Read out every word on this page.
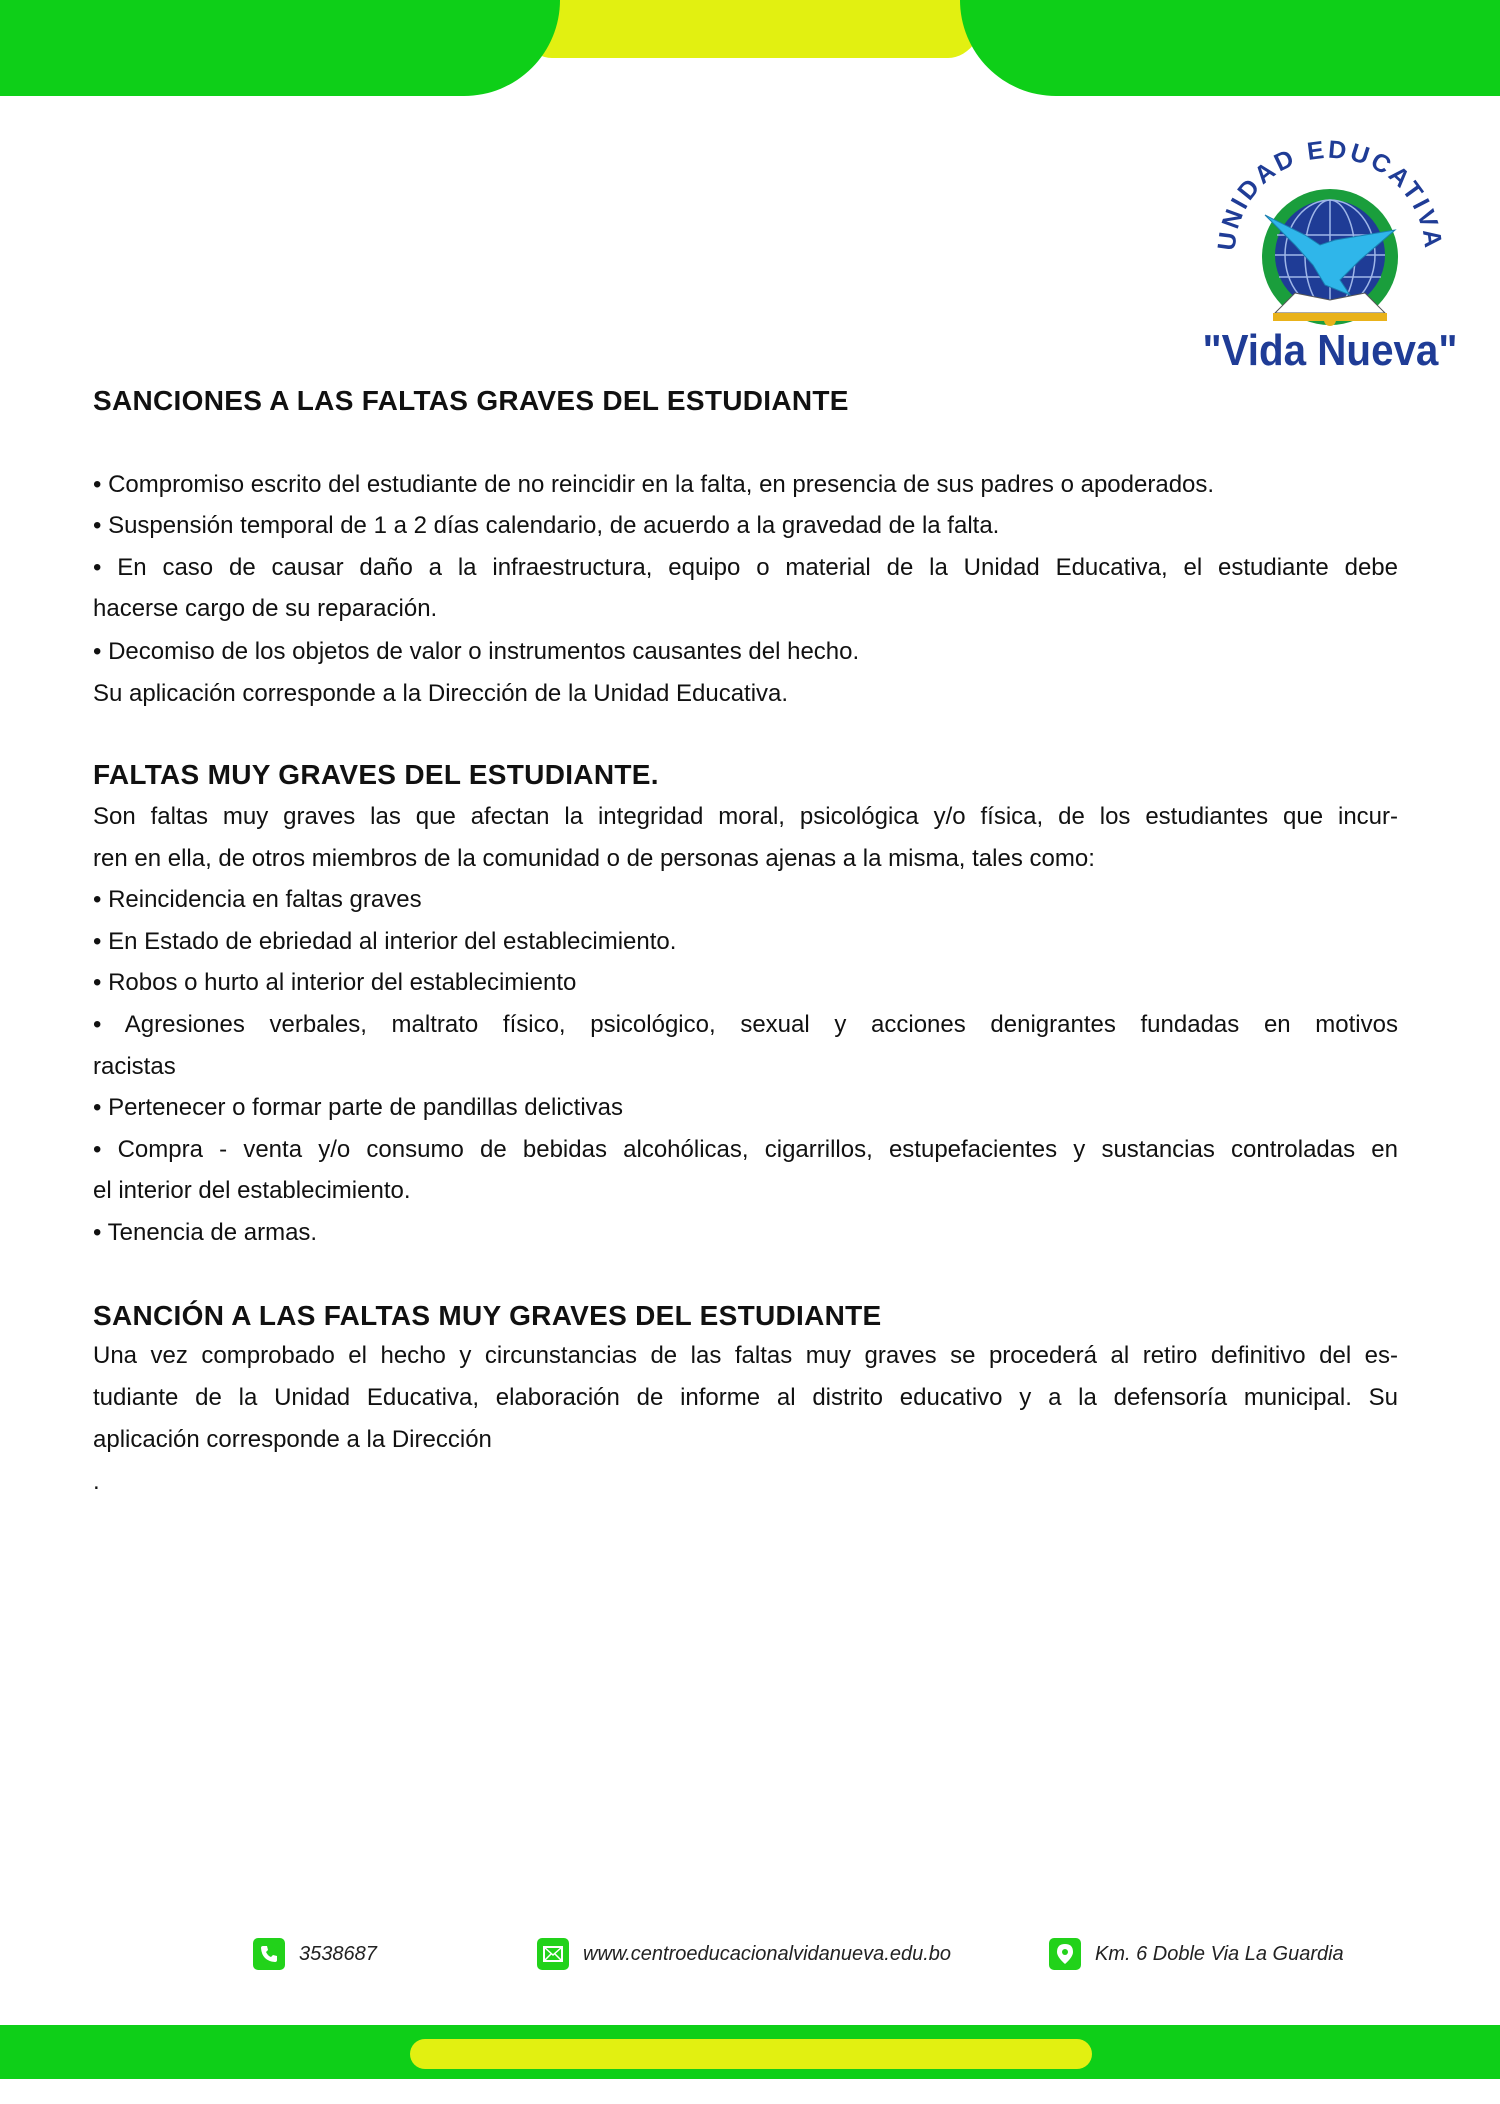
UNIDAD EDUCATIVA
"Vida Nueva"
SANCIONES A LAS FALTAS GRAVES DEL ESTUDIANTE
• Compromiso escrito del estudiante de no reincidir en la falta, en presencia de sus padres o apoderados.
• Suspensión temporal de 1 a 2 días calendario, de acuerdo a la gravedad de la falta.
• En caso de causar daño a la infraestructura, equipo o material de la Unidad Educativa, el estudiante debe
hacerse cargo de su reparación.
• Decomiso de los objetos de valor o instrumentos causantes del hecho.
Su aplicación corresponde a la Dirección de la Unidad Educativa.
FALTAS MUY GRAVES DEL ESTUDIANTE.
Son faltas muy graves las que afectan la integridad moral, psicológica y/o física, de los estudiantes que incur-
ren en ella, de otros miembros de la comunidad o de personas ajenas a la misma, tales como:
• Reincidencia en faltas graves
• En Estado de ebriedad al interior del establecimiento.
• Robos o hurto al interior del establecimiento
• Agresiones verbales, maltrato físico, psicológico, sexual y acciones denigrantes fundadas en motivos
racistas
• Pertenecer o formar parte de pandillas delictivas
• Compra - venta y/o consumo de bebidas alcohólicas, cigarrillos, estupefacientes y sustancias controladas en
el interior del establecimiento.
• Tenencia de armas.
SANCIÓN A LAS FALTAS MUY GRAVES DEL ESTUDIANTE
Una vez comprobado el hecho y circunstancias de las faltas muy graves se procederá al retiro definitivo del es-
tudiante de la Unidad Educativa, elaboración de informe al distrito educativo y a la defensoría municipal. Su
aplicación corresponde a la Dirección
.
3538687	www.centroeducacionalvidanueva.edu.bo	Km. 6 Doble Via La Guardia
